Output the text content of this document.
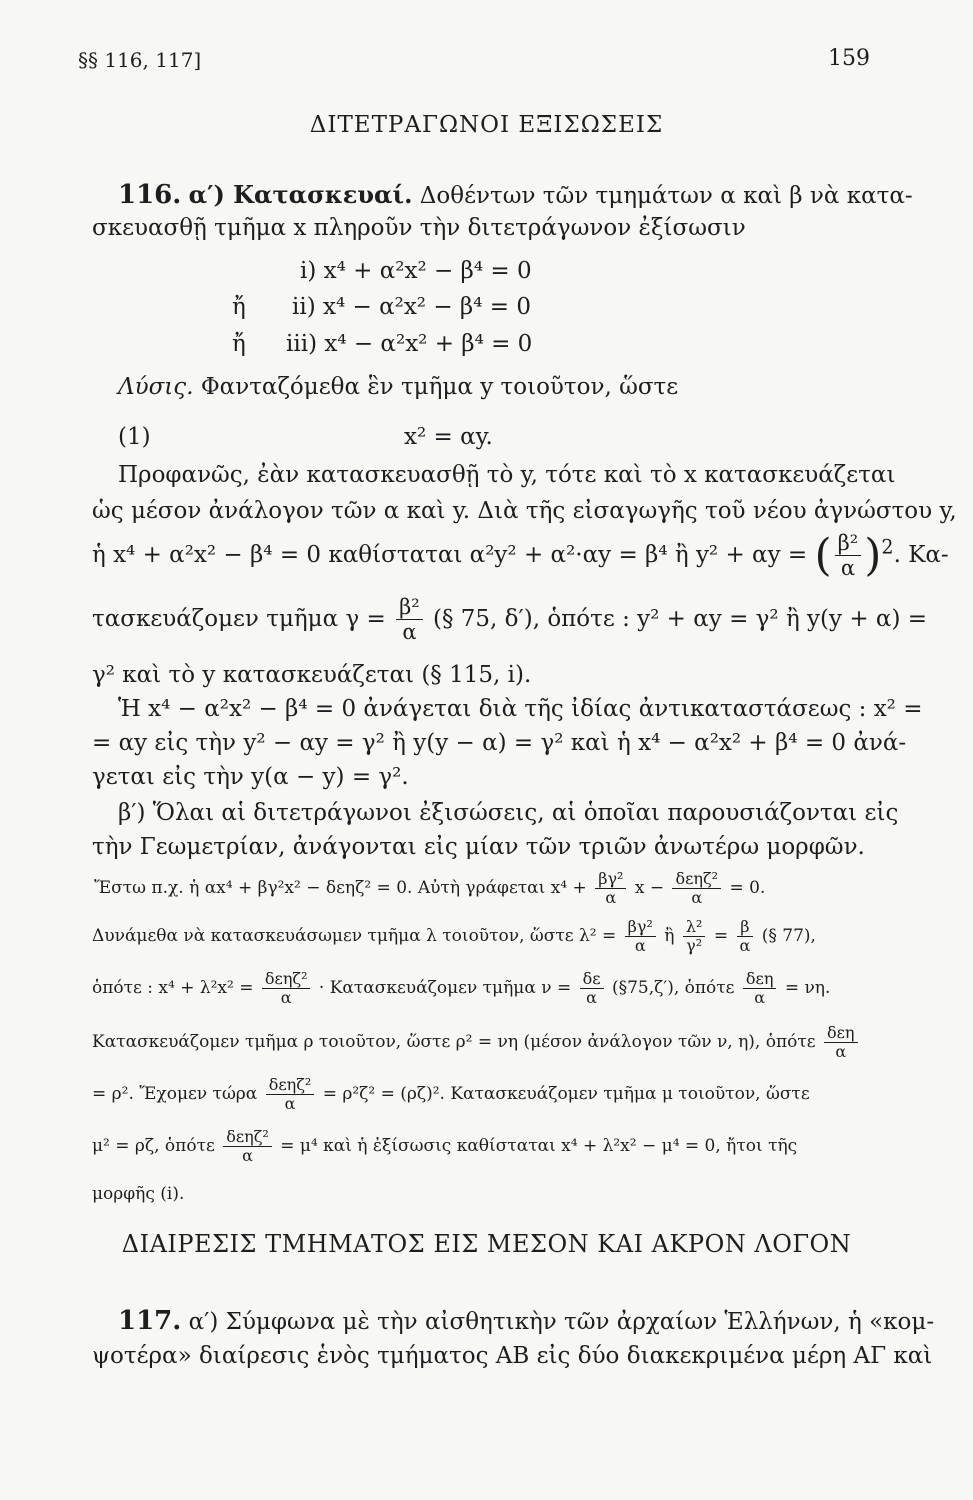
§§ 116, 117]	159
ΔΙΤΕΤΡΑΓΩΝΟΙ ΕΞΙΣΩΣΕΙΣ
116. α′) Κατασκευαί. Δοθέντων τῶν τμημάτων α καὶ β νὰ κατα-
σκευασθῇ τμῆμα x πληροῦν τὴν διτετράγωνον ἐξίσωσιν
i) x⁴ + α²x² − β⁴ = 0
ἤ ii) x⁴ − α²x² − β⁴ = 0
ἤ iii) x⁴ − α²x² + β⁴ = 0
Λύσις. Φανταζόμεθα ἓν τμῆμα y τοιοῦτον, ὥστε
(1)	x² = αy.
Προφανῶς, ἐὰν κατασκευασθῇ τὸ y, τότε καὶ τὸ x κατασκευάζεται
ὡς μέσον ἀνάλογον τῶν α καὶ y. Διὰ τῆς εἰσαγωγῆς τοῦ νέου ἀγνώστου y,
ἡ x⁴ + α²x² − β⁴ = 0 καθίσταται α²y² + α²·αy = β⁴ ἢ y² + αy = ( $\frac{\text{β²}}{\alpha} )^2$. Κα-
τασκευάζομεν τμῆμα $\gamma = \frac{\text{β²}}{\alpha}$ (§ 75, δ′), ὁπότε : y² + αy = γ² ἢ y(y + α) =
γ² καὶ τὸ y κατασκευάζεται (§ 115, i).
Ἡ x⁴ − α²x² − β⁴ = 0 ἀνάγεται διὰ τῆς ἰδίας ἀντικαταστάσεως : x² =
= αy εἰς τὴν y² − αy = γ² ἢ y(y − α) = γ² καὶ ἡ x⁴ − α²x² + β⁴ = 0 ἀνά-
γεται εἰς τὴν y(α − y) = γ².
β′) Ὅλαι αἱ διτετράγωνοι ἐξισώσεις, αἱ ὁποῖαι παρουσιάζονται εἰς
τὴν Γεωμετρίαν, ἀνάγονται εἰς μίαν τῶν τριῶν ἀνωτέρω μορφῶν.
Ἔστω π.χ. ἡ αx⁴ + βγ²x² − δεηζ² = 0. Αὐτὴ γράφεται $x^4 + \frac{\text{βγ²}}{\alpha}$ $x - \frac{\text{δεηζ²}}{\alpha} = 0$.
Δυνάμεθα νὰ κατασκευάσωμεν τμῆμα λ τοιοῦτον, ὥστε $\lambda^2 = \frac{\text{βγ²}}{\alpha}$ ἢ $\frac{\text{λ²}}{\text{γ²}} = \frac{\beta}{\alpha}$ (§ 77),
ὁπότε : $x^4 + \lambda^2x^2 = \frac{\text{δεηζ²}}{\alpha} \cdot K\alpha\tau\alpha\sigma\kappa\varepsilon\upsilon ά\zeta o\mu\varepsilon\nu$ τμῆμα $\nu = \frac{\delta\varepsilon}{\alpha}$ (§75,ζ′), ὁπότε $\frac{\text{δεη}}{\alpha} = \nu\eta$.
Κατασκευάζομεν τμῆμα ρ τοιοῦτον, ὥστε ρ² = νη (μέσον ἀνάλογον τῶν ν, η), ὁπότε $\frac{\text{δεη}}{\alpha}$
= ρ². Ἔχομεν τώρα $\frac{\text{δεηζ²}}{\alpha} = \rho^2\zeta^2 = (\rho\zeta)^2$. Κατασκευάζομεν τμῆμα μ τοιοῦτον, ὥστε
μ² = ρζ, ὁπότε $\frac{\text{δεηζ²}}{\alpha} = \mu^4$ καὶ ἡ ἐξίσωσις καθίσταται x⁴ + λ²x² − μ⁴ = 0, ἤτοι τῆς
μορφῆς (i).
ΔΙΑΙΡΕΣΙΣ ΤΜΗΜΑΤΟΣ ΕΙΣ ΜΕΣΟΝ ΚΑΙ ΑΚΡΟΝ ΛΟΓΟΝ
117. α′) Σύμφωνα μὲ τὴν αἰσθητικὴν τῶν ἀρχαίων Ἑλλήνων, ἡ «κομ-
ψοτέρα» διαίρεσις ἑνὸς τμήματος ΑΒ εἰς δύο διακεκριμένα μέρη ΑΓ καὶ
